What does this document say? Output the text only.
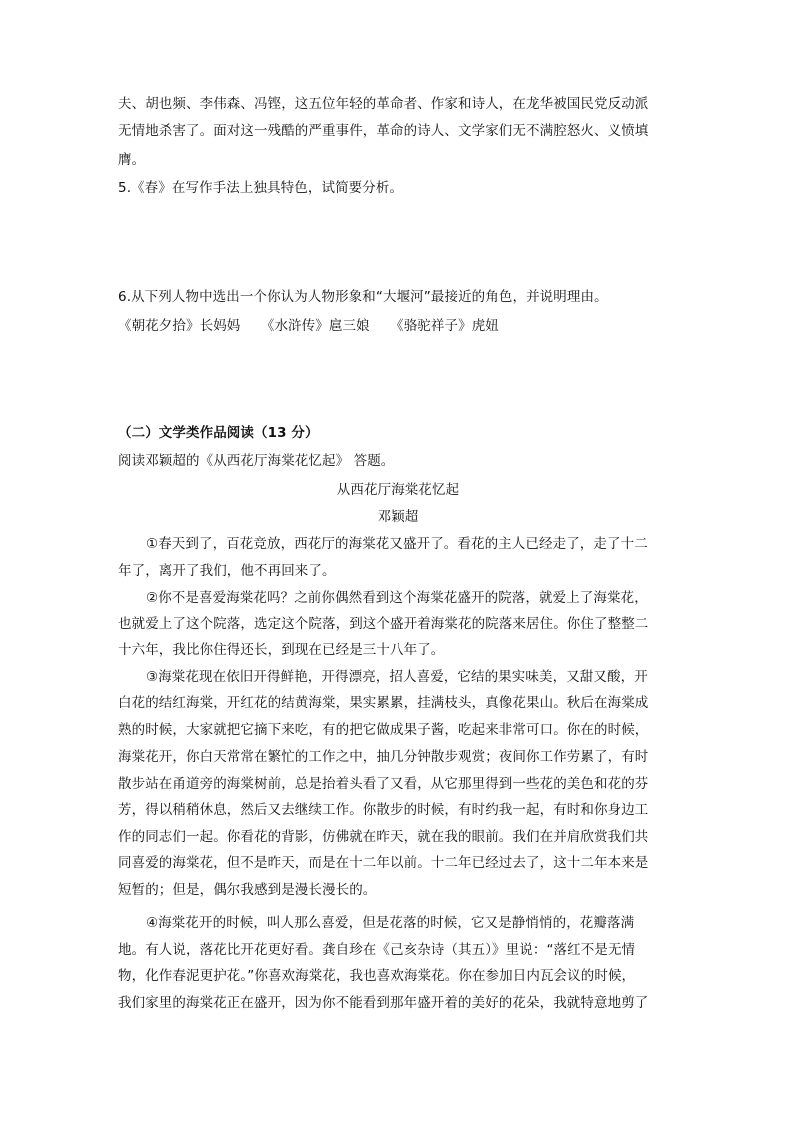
夫、胡也频、李伟森、冯铿，这五位年轻的革命者、作家和诗人，在龙华被国民党反动派
无情地杀害了。面对这一残酷的严重事件，革命的诗人、文学家们无不满腔怒火、义愤填
膺。
5.《春》在写作手法上独具特色，试简要分析。
6.从下列人物中选出一个你认为人物形象和“大堰河”最接近的角色，并说明理由。
《朝花夕拾》长妈妈　　《水浒传》扈三娘　　《骆驼祥子》虎妞
（二）文学类作品阅读（13 分）
阅读邓颖超的《从西花厅海棠花忆起》 答题。
从西花厅海棠花忆起
邓颖超
①春天到了，百花竞放，西花厅的海棠花又盛开了。看花的主人已经走了，走了十二
年了，离开了我们，他不再回来了。
②你不是喜爱海棠花吗？之前你偶然看到这个海棠花盛开的院落，就爱上了海棠花，
也就爱上了这个院落，选定这个院落，到这个盛开着海棠花的院落来居住。你住了整整二
十六年，我比你住得还长，到现在已经是三十八年了。
③海棠花现在依旧开得鲜艳，开得漂亮，招人喜爱，它结的果实味美，又甜又酸，开
白花的结红海棠，开红花的结黄海棠，果实累累，挂满枝头，真像花果山。秋后在海棠成
熟的时候，大家就把它摘下来吃，有的把它做成果子酱，吃起来非常可口。你在的时候，
海棠花开，你白天常常在繁忙的工作之中，抽几分钟散步观赏；夜间你工作劳累了，有时
散步站在甬道旁的海棠树前，总是抬着头看了又看，从它那里得到一些花的美色和花的芬
芳，得以稍稍休息，然后又去继续工作。你散步的时候，有时约我一起，有时和你身边工
作的同志们一起。你看花的背影，仿佛就在昨天，就在我的眼前。我们在并肩欣赏我们共
同喜爱的海棠花，但不是昨天，而是在十二年以前。十二年已经过去了，这十二年本来是
短暂的；但是，偶尔我感到是漫长漫长的。
④海棠花开的时候，叫人那么喜爱，但是花落的时候，它又是静悄悄的，花瓣落满
地。有人说，落花比开花更好看。龚自珍在《己亥杂诗（其五）》里说：“落红不是无情
物，化作春泥更护花。”你喜欢海棠花，我也喜欢海棠花。你在参加日内瓦会议的时候，
我们家里的海棠花正在盛开，因为你不能看到那年盛开着的美好的花朵，我就特意地剪了
